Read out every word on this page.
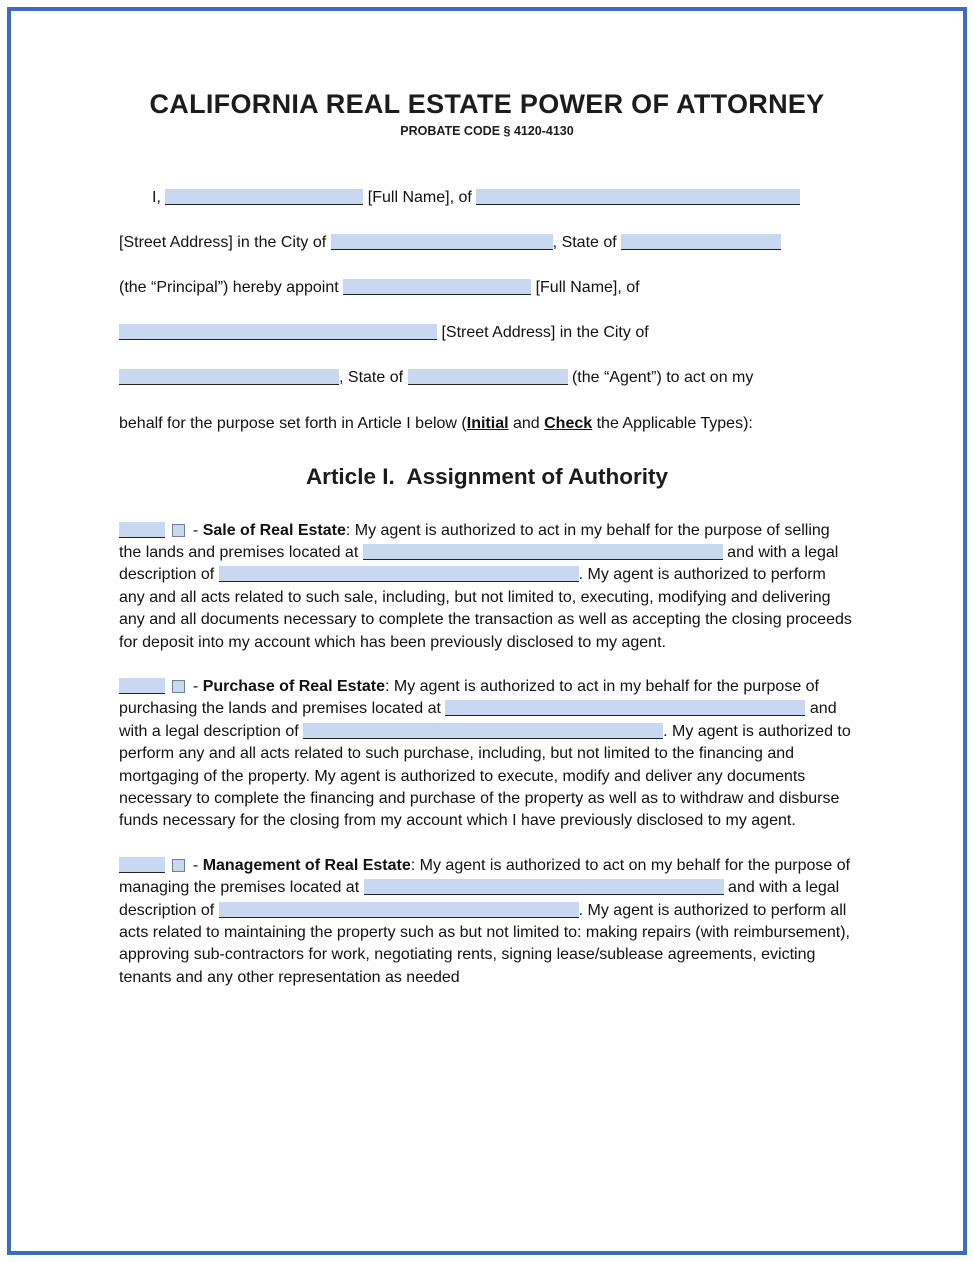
CALIFORNIA REAL ESTATE POWER OF ATTORNEY
PROBATE CODE § 4120-4130
I,	[Full Name], of
[Street Address] in the City of	, State of
(the “Principal”) hereby appoint	[Full Name], of
[Street Address] in the City of
, State of	(the “Agent”) to act on my

behalf for the purpose set forth in Article I below (Initial and Check the Applicable Types):

Article I.  Assignment of Authority

- Sale of Real Estate: My agent is authorized to act in my behalf for the purpose of selling the lands and premises located at	and with a legal description of	. My agent is authorized to perform any and all acts related to such sale, including, but not limited to, executing, modifying and delivering any and all documents necessary to complete the transaction as well as accepting the closing proceeds for deposit into my account which has been previously disclosed to my agent.

- Purchase of Real Estate: My agent is authorized to act in my behalf for the purpose of purchasing the lands and premises located at	and with a legal description of	. My agent is authorized to perform any and all acts related to such purchase, including, but not limited to the financing and mortgaging of the property. My agent is authorized to execute, modify and deliver any documents necessary to complete the financing and purchase of the property as well as to withdraw and disburse funds necessary for the closing from my account which I have previously disclosed to my agent.

- Management of Real Estate: My agent is authorized to act on my behalf for the purpose of managing the premises located at	and with a legal description of	. My agent is authorized to perform all acts related to maintaining the property such as but not limited to: making repairs (with reimbursement), approving sub-contractors for work, negotiating rents, signing lease/sublease agreements, evicting tenants and any other representation as needed
